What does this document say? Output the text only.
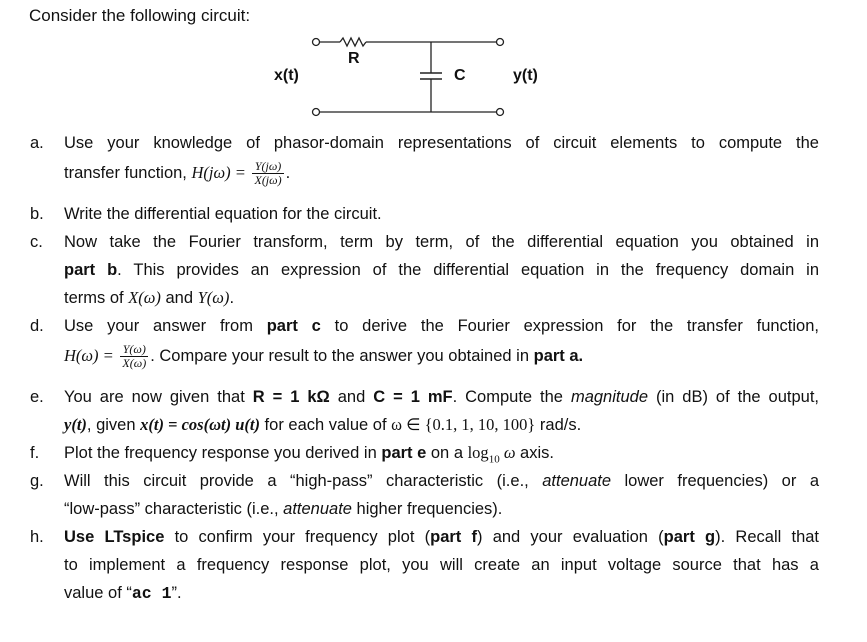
Consider the following circuit:
x(t)
R
C	y(t)
a.	Use your knowledge of phasor-domain representations of circuit elements to compute the
transfer function, $H(j\omega) = \frac{Y(j\omega)}{X(j\omega)}$ .
b.	Write the differential equation for the circuit.
c.	Now take the Fourier transform, term by term, of the differential equation you obtained in
part b. This provides an expression of the differential equation in the frequency domain in
terms of X(ω) and Y(ω).
d.	Use your answer from part c to derive the Fourier expression for the transfer function,
$H(\omega) = \frac{Y(\omega)}{X(\omega)}$ . Compare your result to the answer you obtained in part a.
e.	You are now given that R = 1 kΩ and C = 1 mF. Compute the magnitude (in dB) of the output,
y(t), given x(t) = cos(ωt) u(t) for each value of ω ∈ {0.1, 1, 10, 100} rad/s.
f.	Plot the frequency response you derived in part e on a $\log_{10} \omega$ axis.
g.	Will this circuit provide a “high-pass” characteristic (i.e., attenuate lower frequencies) or a
“low-pass” characteristic (i.e., attenuate higher frequencies).
h.	Use LTspice to confirm your frequency plot (part f) and your evaluation (part g). Recall that
to implement a frequency response plot, you will create an input voltage source that has a
value of “ac 1”.
